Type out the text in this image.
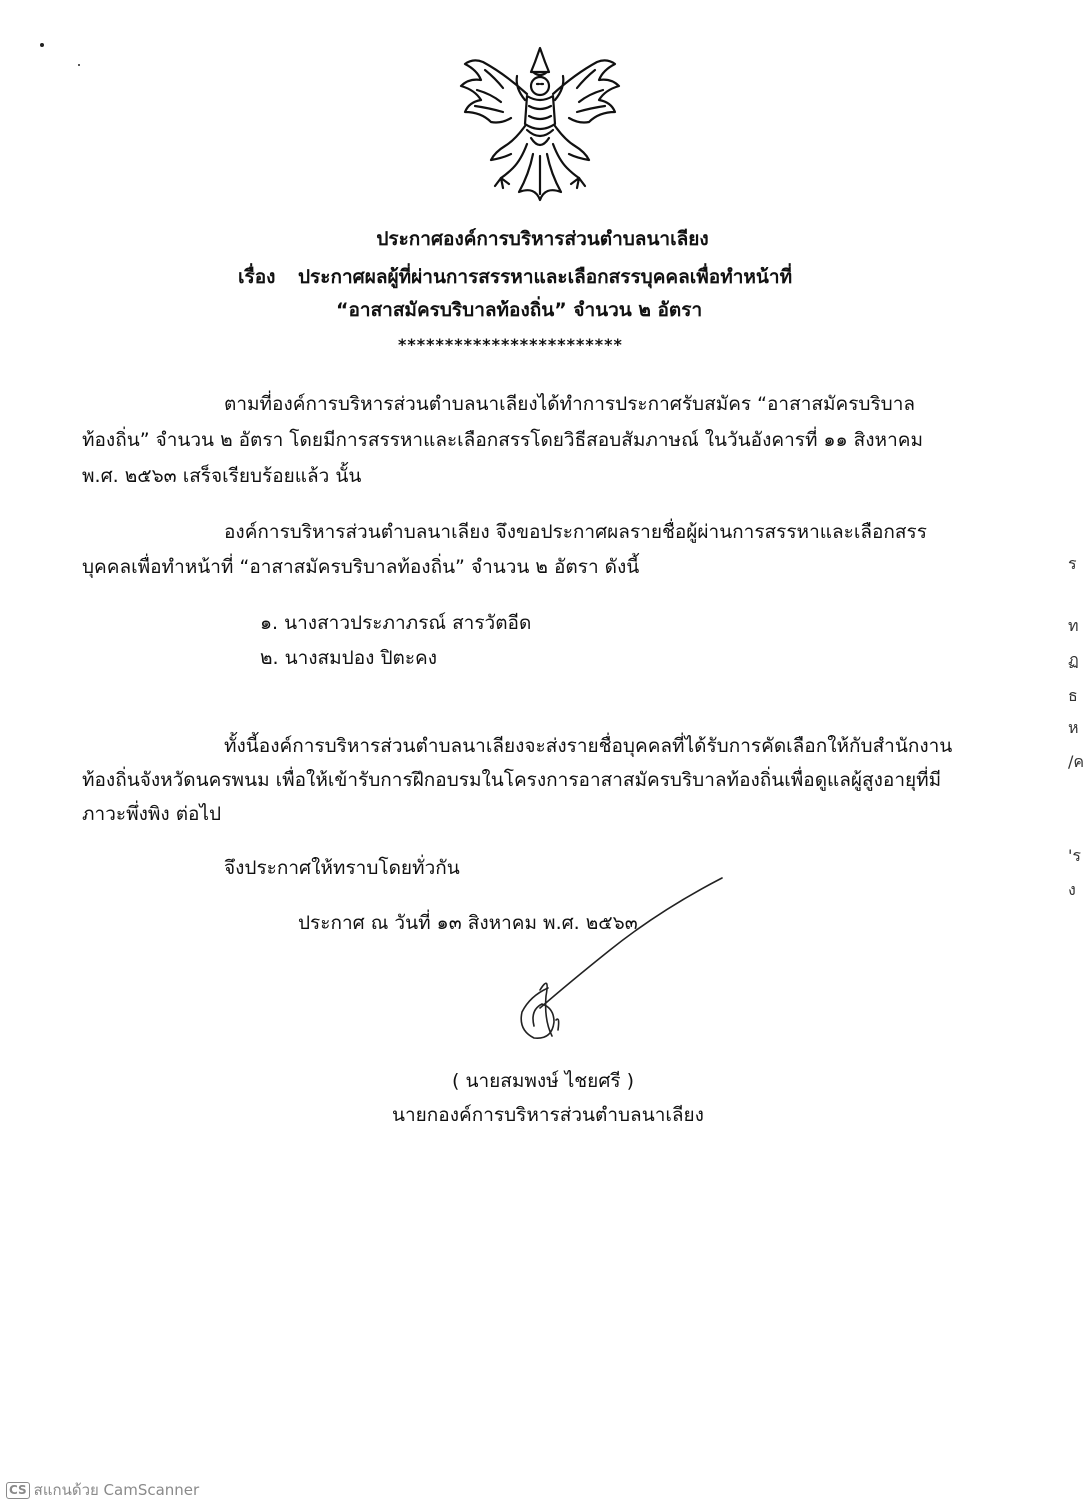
ประกาศองค์การบริหารส่วนตำบลนาเลียง
เรื่อง ประกาศผลผู้ที่ผ่านการสรรหาและเลือกสรรบุคคลเพื่อทำหน้าที่
“อาสาสมัครบริบาลท้องถิ่น” จำนวน ๒ อัตรา
************************
ตามที่องค์การบริหารส่วนตำบลนาเลียงได้ทำการประกาศรับสมัคร “อาสาสมัครบริบาล
ท้องถิ่น” จำนวน ๒ อัตรา โดยมีการสรรหาและเลือกสรรโดยวิธีสอบสัมภาษณ์ ในวันอังคารที่ ๑๑ สิงหาคม
พ.ศ. ๒๕๖๓ เสร็จเรียบร้อยแล้ว นั้น
องค์การบริหารส่วนตำบลนาเลียง จึงขอประกาศผลรายชื่อผู้ผ่านการสรรหาและเลือกสรร
บุคคลเพื่อทำหน้าที่ “อาสาสมัครบริบาลท้องถิ่น” จำนวน ๒ อัตรา ดังนี้
๑. นางสาวประภาภรณ์ สารวัตอีด
๒. นางสมปอง ปิตะคง
ทั้งนี้องค์การบริหารส่วนตำบลนาเลียงจะส่งรายชื่อบุคคลที่ได้รับการคัดเลือกให้กับสำนักงาน
ท้องถิ่นจังหวัดนครพนม เพื่อให้เข้ารับการฝึกอบรมในโครงการอาสาสมัครบริบาลท้องถิ่นเพื่อดูแลผู้สูงอายุที่มี
ภาวะพึ่งพิง ต่อไป
จึงประกาศให้ทราบโดยทั่วกัน
ประกาศ ณ วันที่ ๑๓ สิงหาคม พ.ศ. ๒๕๖๓
( นายสมพงษ์ ไชยศรี )
นายกองค์การบริหารส่วนตำบลนาเลียง
ร
ท
ฏ
ธ
ห
/ค
'ร
ง
CS สแกนด้วย CamScanner
